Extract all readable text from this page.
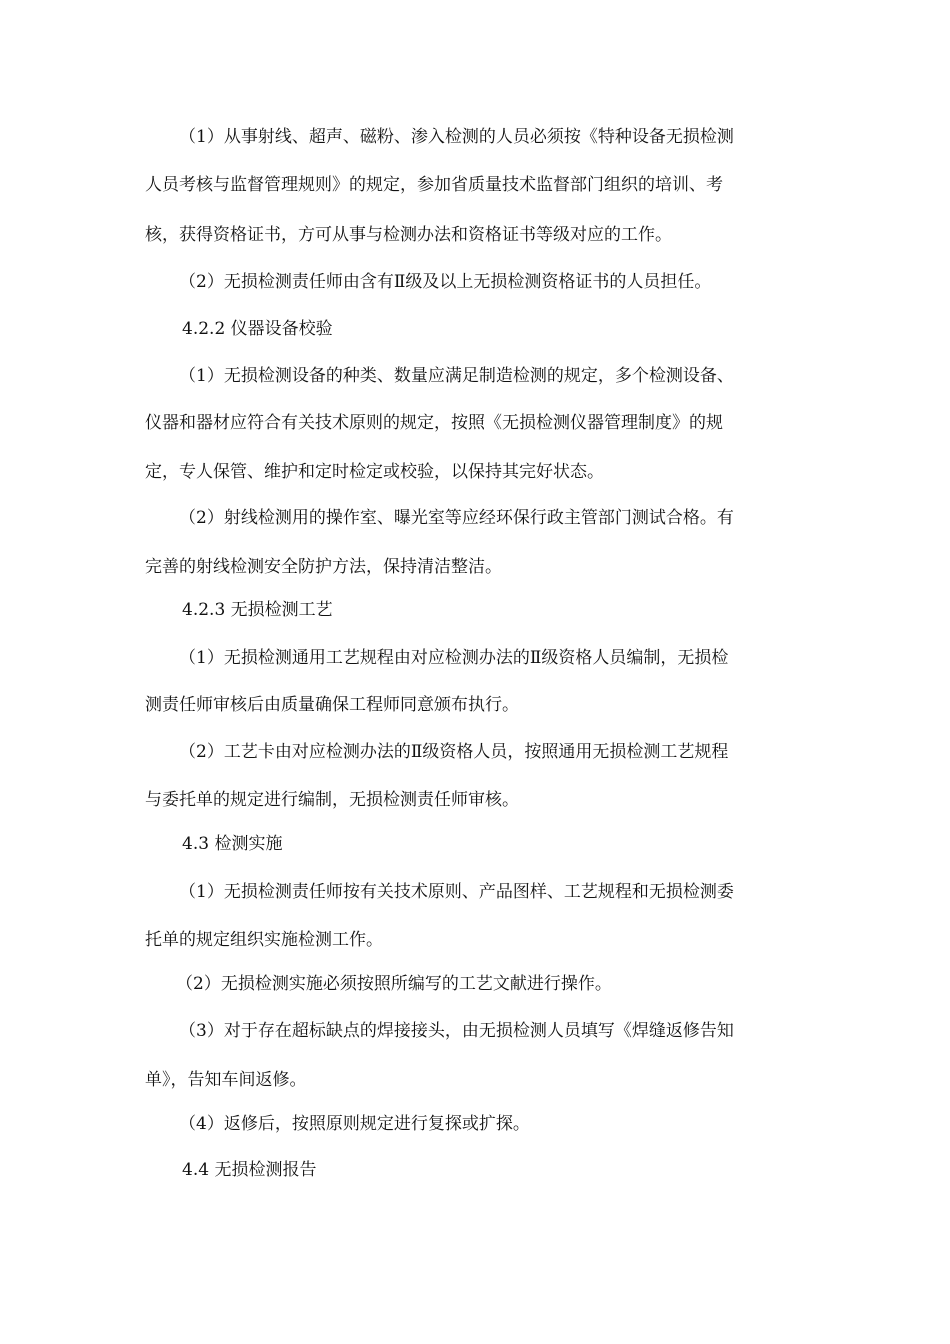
（1）从事射线、超声、磁粉、渗入检测的人员必须按《特种设备无损检测
人员考核与监督管理规则》的规定，参加省质量技术监督部门组织的培训、考
核，获得资格证书，方可从事与检测办法和资格证书等级对应的工作。
（2）无损检测责任师由含有Ⅱ级及以上无损检测资格证书的人员担任。
4.2.2 仪器设备校验
（1）无损检测设备的种类、数量应满足制造检测的规定，多个检测设备、
仪器和器材应符合有关技术原则的规定，按照《无损检测仪器管理制度》的规
定，专人保管、维护和定时检定或校验，以保持其完好状态。
（2）射线检测用的操作室、曝光室等应经环保行政主管部门测试合格。有
完善的射线检测安全防护方法，保持清洁整洁。
4.2.3 无损检测工艺
（1）无损检测通用工艺规程由对应检测办法的Ⅱ级资格人员编制，无损检
测责任师审核后由质量确保工程师同意颁布执行。
（2）工艺卡由对应检测办法的Ⅱ级资格人员，按照通用无损检测工艺规程
与委托单的规定进行编制，无损检测责任师审核。
4.3 检测实施
（1）无损检测责任师按有关技术原则、产品图样、工艺规程和无损检测委
托单的规定组织实施检测工作。
（2）无损检测实施必须按照所编写的工艺文献进行操作。
（3）对于存在超标缺点的焊接接头，由无损检测人员填写《焊缝返修告知
单》，告知车间返修。
（4）返修后，按照原则规定进行复探或扩探。
4.4 无损检测报告
